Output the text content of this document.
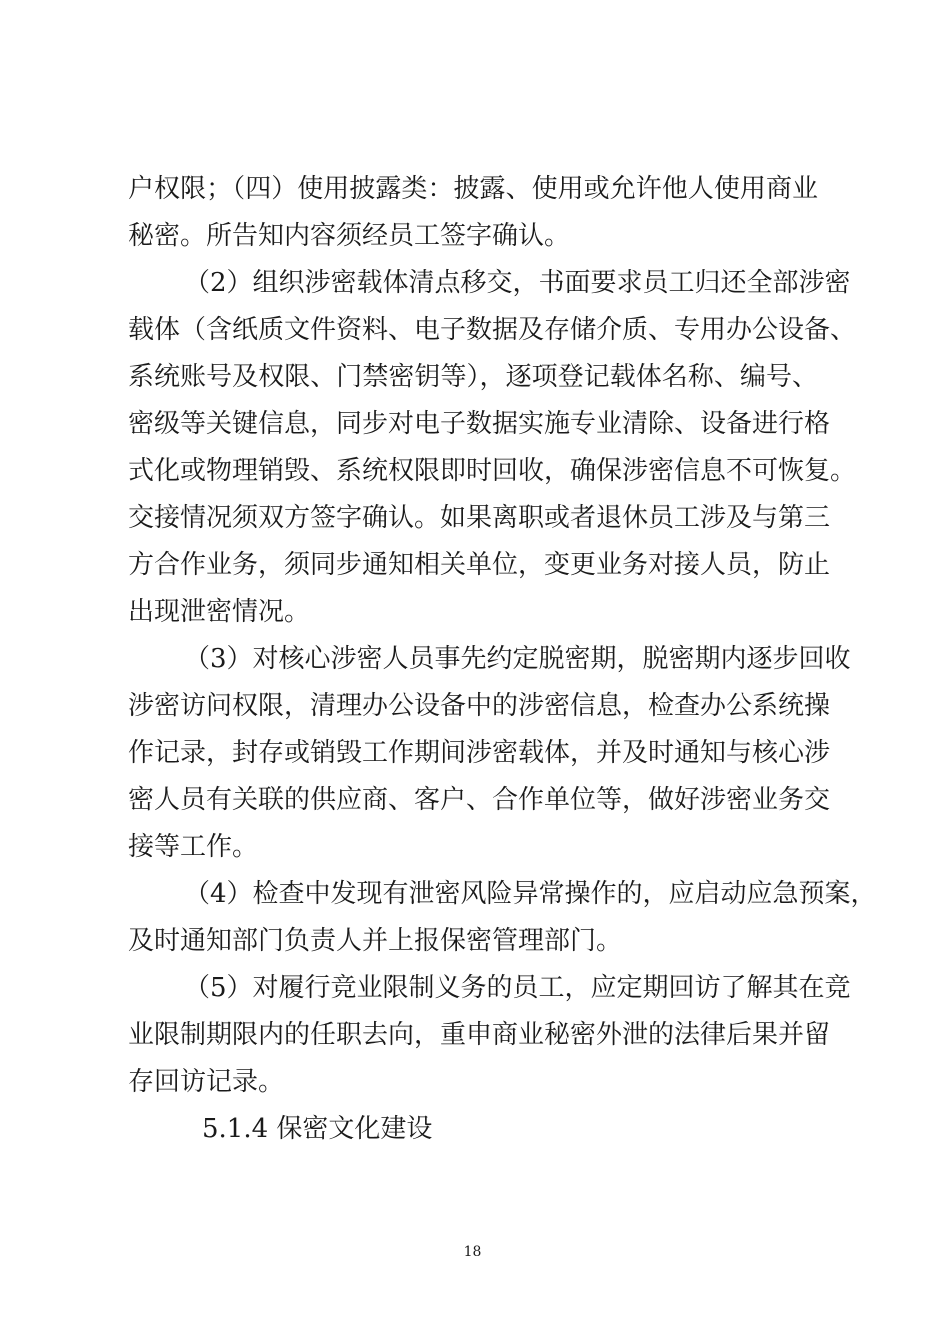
户权限；（四）使用披露类：披露、使用或允许他人使用商业
秘密。所告知内容须经员工签字确认。
（2）组织涉密载体清点移交，书面要求员工归还全部涉密
载体（含纸质文件资料、电子数据及存储介质、专用办公设备、
系统账号及权限、门禁密钥等），逐项登记载体名称、编号、
密级等关键信息，同步对电子数据实施专业清除、设备进行格
式化或物理销毁、系统权限即时回收，确保涉密信息不可恢复。
交接情况须双方签字确认。如果离职或者退休员工涉及与第三
方合作业务，须同步通知相关单位，变更业务对接人员，防止
出现泄密情况。
（3）对核心涉密人员事先约定脱密期，脱密期内逐步回收
涉密访问权限，清理办公设备中的涉密信息，检查办公系统操
作记录，封存或销毁工作期间涉密载体，并及时通知与核心涉
密人员有关联的供应商、客户、合作单位等，做好涉密业务交
接等工作。
（4）检查中发现有泄密风险异常操作的，应启动应急预案，
及时通知部门负责人并上报保密管理部门。
（5）对履行竞业限制义务的员工，应定期回访了解其在竞
业限制期限内的任职去向，重申商业秘密外泄的法律后果并留
存回访记录。
5.1.4 保密文化建设
18
